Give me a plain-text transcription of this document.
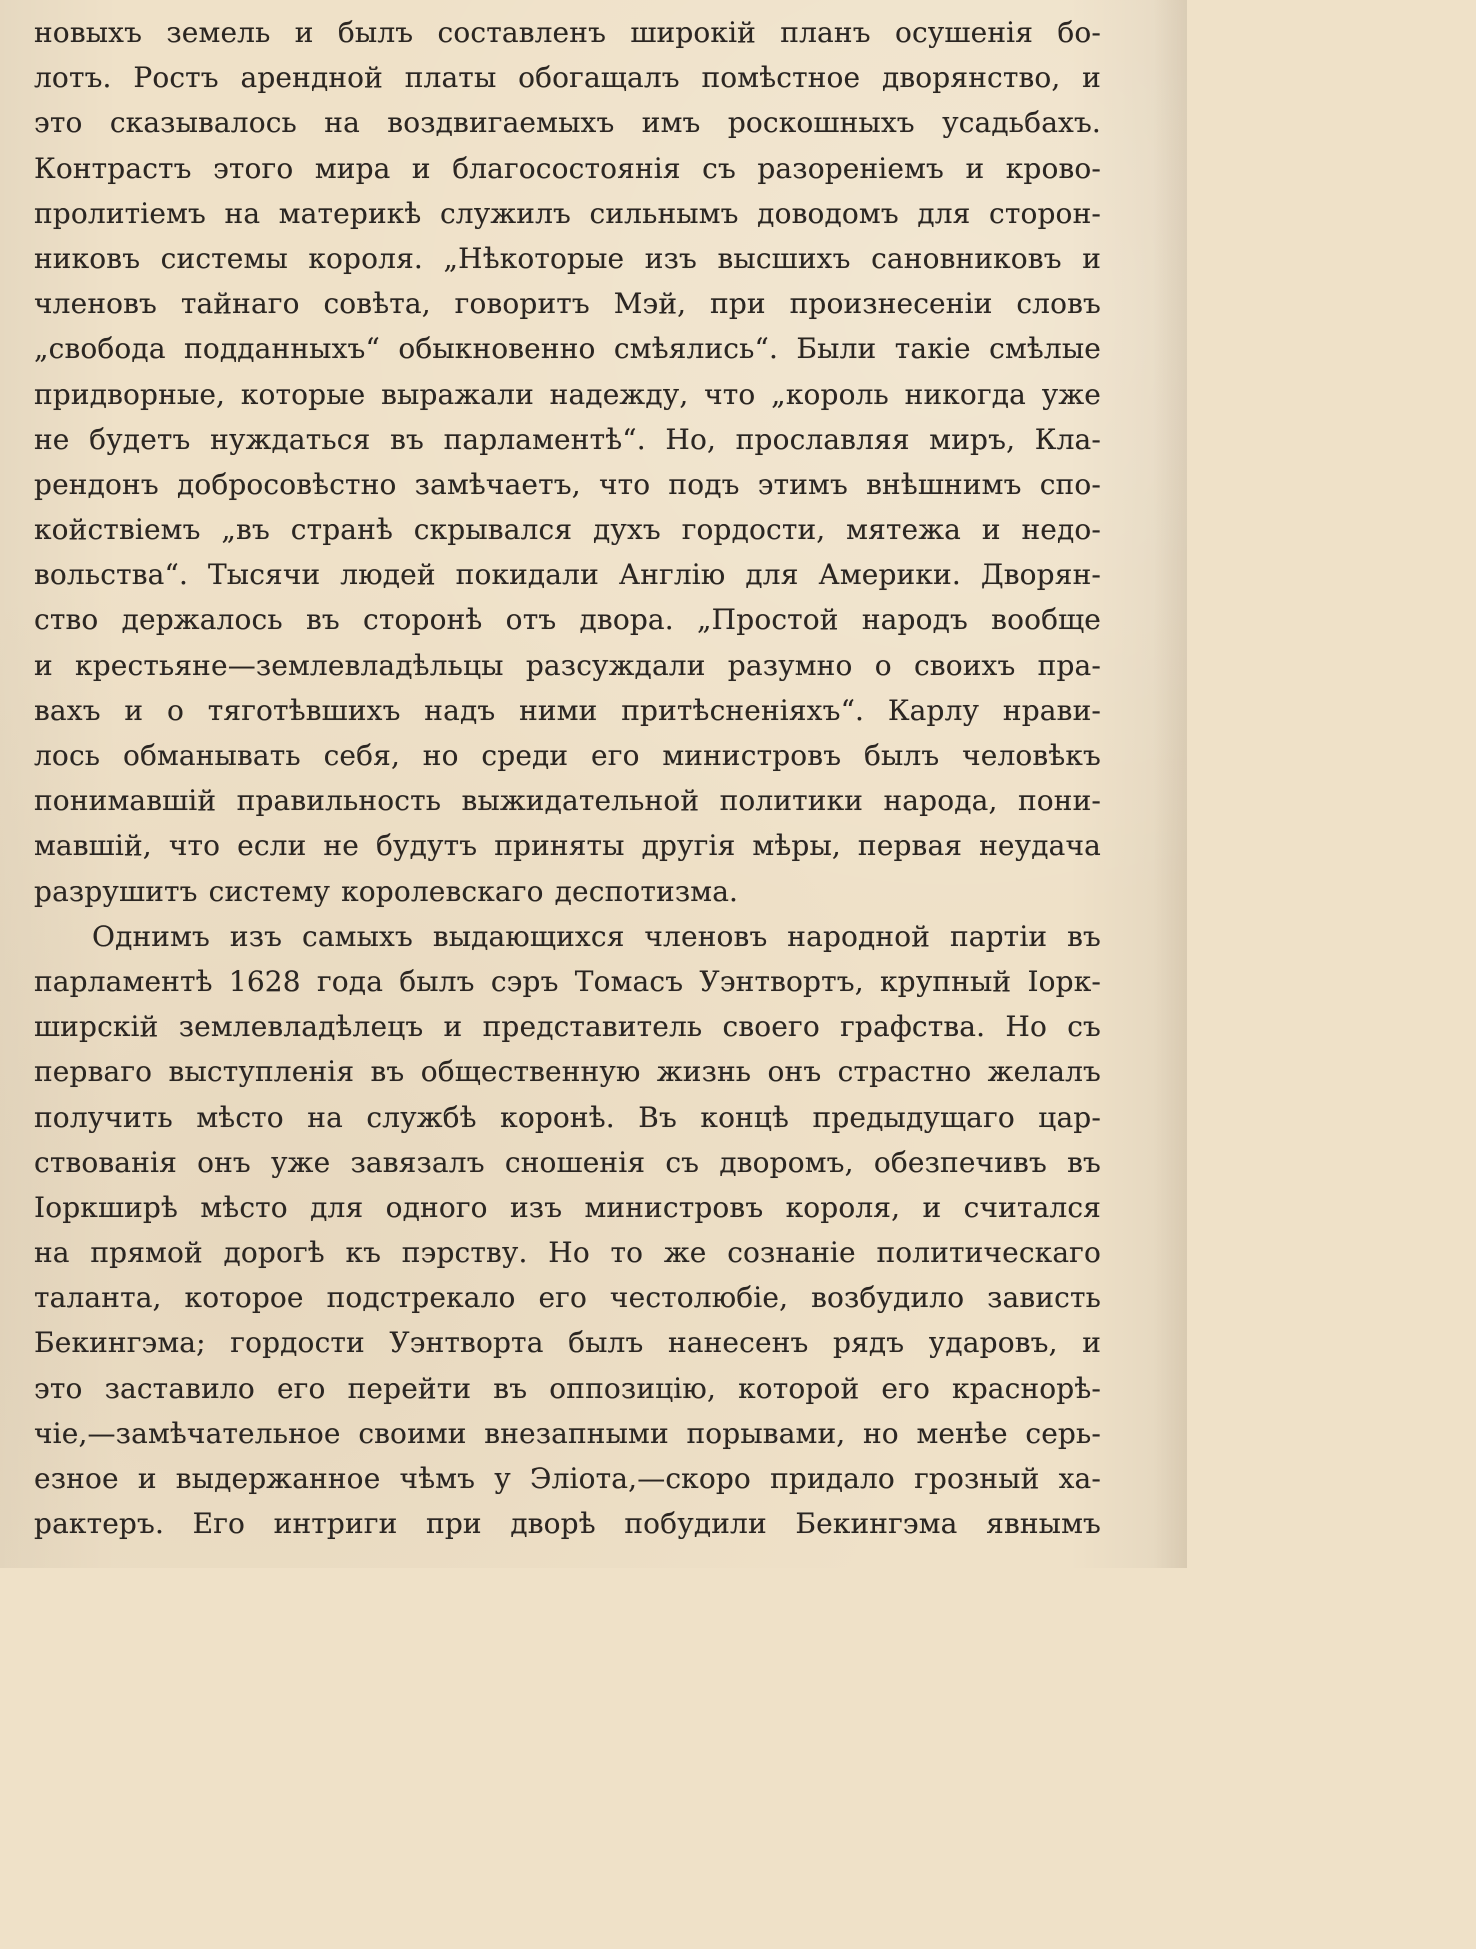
новыхъ земель и былъ составленъ широкій планъ осушенія бо-
лотъ. Ростъ арендной платы обогащалъ помѣстное дворянство, и
это сказывалось на воздвигаемыхъ имъ роскошныхъ усадьбахъ.
Контрастъ этого мира и благосостоянія съ разореніемъ и крово-
пролитіемъ на материкѣ служилъ сильнымъ доводомъ для сторон-
никовъ системы короля. „Нѣкоторые изъ высшихъ сановниковъ и
членовъ тайнаго совѣта, говоритъ Мэй, при произнесеніи словъ
„свобода подданныхъ“ обыкновенно смѣялись“. Были такіе смѣлые
придворные, которые выражали надежду, что „король никогда уже
не будетъ нуждаться въ парламентѣ“. Но, прославляя миръ, Кла-
рендонъ добросовѣстно замѣчаетъ, что подъ этимъ внѣшнимъ спо-
койствіемъ „въ странѣ скрывался духъ гордости, мятежа и недо-
вольства“. Тысячи людей покидали Англію для Америки. Дворян-
ство держалось въ сторонѣ отъ двора. „Простой народъ вообще
и крестьяне—землевладѣльцы разсуждали разумно о своихъ пра-
вахъ и о тяготѣвшихъ надъ ними притѣсненіяхъ“. Карлу нрави-
лось обманывать себя, но среди его министровъ былъ человѣкъ
понимавшій правильность выжидательной политики народа, пони-
мавшій, что если не будутъ приняты другія мѣры, первая неудача
разрушитъ систему королевскаго деспотизма.
Однимъ изъ самыхъ выдающихся членовъ народной партіи въ
парламентѣ 1628 года былъ сэръ Томасъ Уэнтвортъ, крупный Іорк-
ширскій землевладѣлецъ и представитель своего графства. Но съ
перваго выступленія въ общественную жизнь онъ страстно желалъ
получить мѣсто на службѣ коронѣ. Въ концѣ предыдущаго цар-
ствованія онъ уже завязалъ сношенія съ дворомъ, обезпечивъ въ
Іоркширѣ мѣсто для одного изъ министровъ короля, и считался
на прямой дорогѣ къ пэрству. Но то же сознаніе политическаго
таланта, которое подстрекало его честолюбіе, возбудило зависть
Бекингэма; гордости Уэнтворта былъ нанесенъ рядъ ударовъ, и
это заставило его перейти въ оппозицію, которой его краснорѣ-
чіе,—замѣчательное своими внезапными порывами, но менѣе серь-
езное и выдержанное чѣмъ у Эліота,—скоро придало грозный ха-
рактеръ. Его интриги при дворѣ побудили Бекингэма явнымъ
